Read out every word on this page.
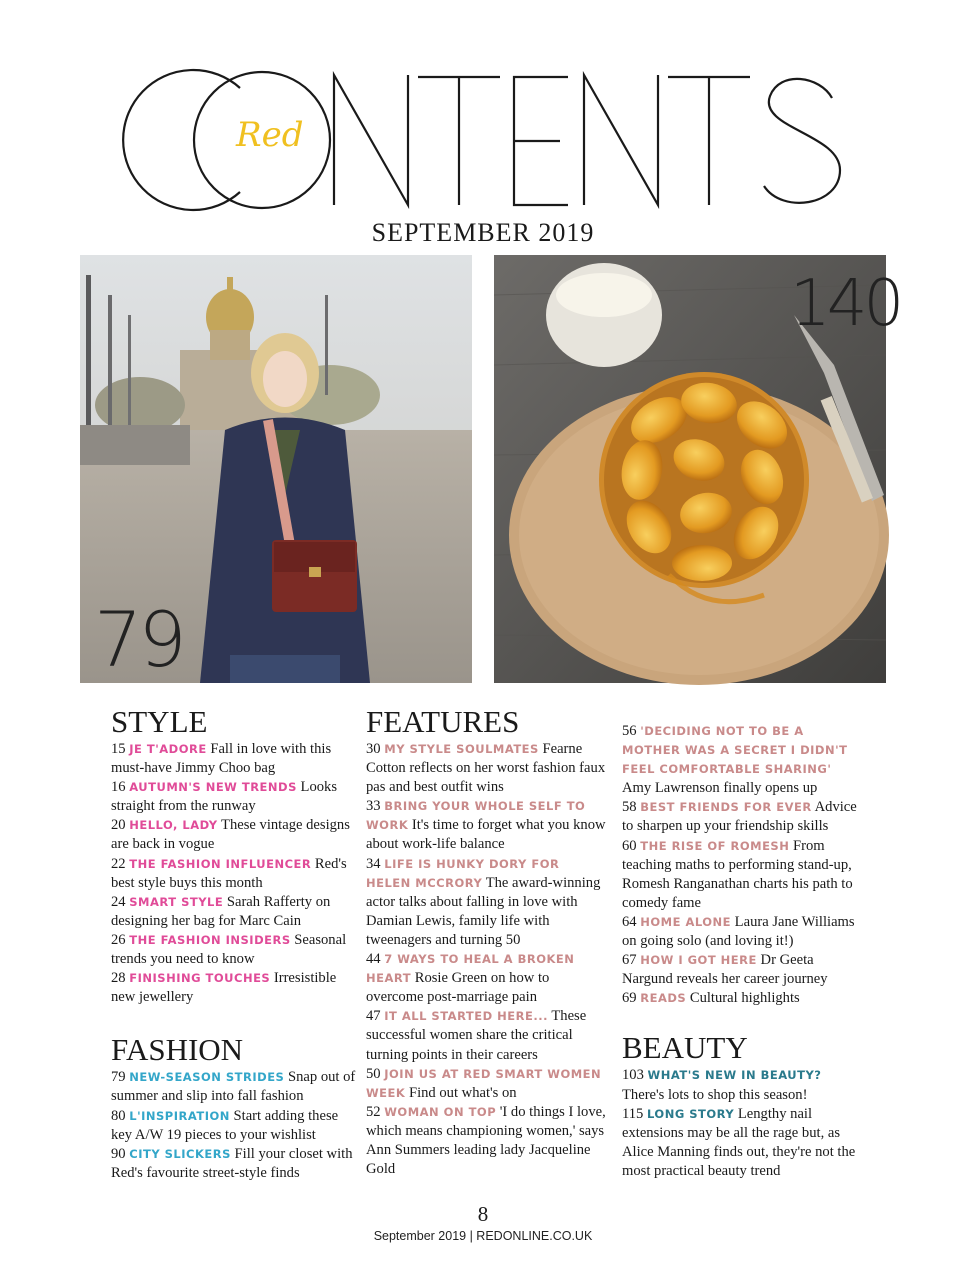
Red
SEPTEMBER 2019
79
140
STYLE

15 JE T'ADORE Fall in love with this must-have Jimmy Choo bag

16 AUTUMN'S NEW TRENDS Looks straight from the runway

20 HELLO, LADY These vintage designs are back in vogue

22 THE FASHION INFLUENCER Red's best style buys this month

24 SMART STYLE Sarah Rafferty on designing her bag for Marc Cain

26 THE FASHION INSIDERS Seasonal trends you need to know

28 FINISHING TOUCHES Irresistible new jewellery

FASHION

79 NEW-SEASON STRIDES Snap out of summer and slip into fall fashion

80 L'INSPIRATION Start adding these key A/W 19 pieces to your wishlist

90 CITY SLICKERS Fill your closet with Red's favourite street-style finds

FEATURES

30 MY STYLE SOULMATES Fearne Cotton reflects on her worst fashion faux pas and best outfit wins

33 BRING YOUR WHOLE SELF TO WORK It's time to forget what you know about work-life balance

34 LIFE IS HUNKY DORY FOR HELEN MCCRORY The award-winning actor talks about falling in love with Damian Lewis, family life with tweenagers and turning 50

44 7 WAYS TO HEAL A BROKEN HEART Rosie Green on how to overcome post-marriage pain

47 IT ALL STARTED HERE... These successful women share the critical turning points in their careers

50 JOIN US AT RED SMART WOMEN WEEK Find out what's on

52 WOMAN ON TOP 'I do things I love, which means championing women,' says Ann Summers leading lady Jacqueline Gold

56 'DECIDING NOT TO BE A MOTHER WAS A SECRET I DIDN'T FEEL COMFORTABLE SHARING' Amy Lawrenson finally opens up

58 BEST FRIENDS FOR EVER Advice to sharpen up your friendship skills

60 THE RISE OF ROMESH From teaching maths to performing stand-up, Romesh Ranganathan charts his path to comedy fame

64 HOME ALONE Laura Jane Williams on going solo (and loving it!)

67 HOW I GOT HERE Dr Geeta Nargund reveals her career journey

69 READS Cultural highlights

BEAUTY

103 WHAT'S NEW IN BEAUTY? There's lots to shop this season!

115 LONG STORY Lengthy nail extensions may be all the rage but, as Alice Manning finds out, they're not the most practical beauty trend

8
September 2019 | REDONLINE.CO.UK
